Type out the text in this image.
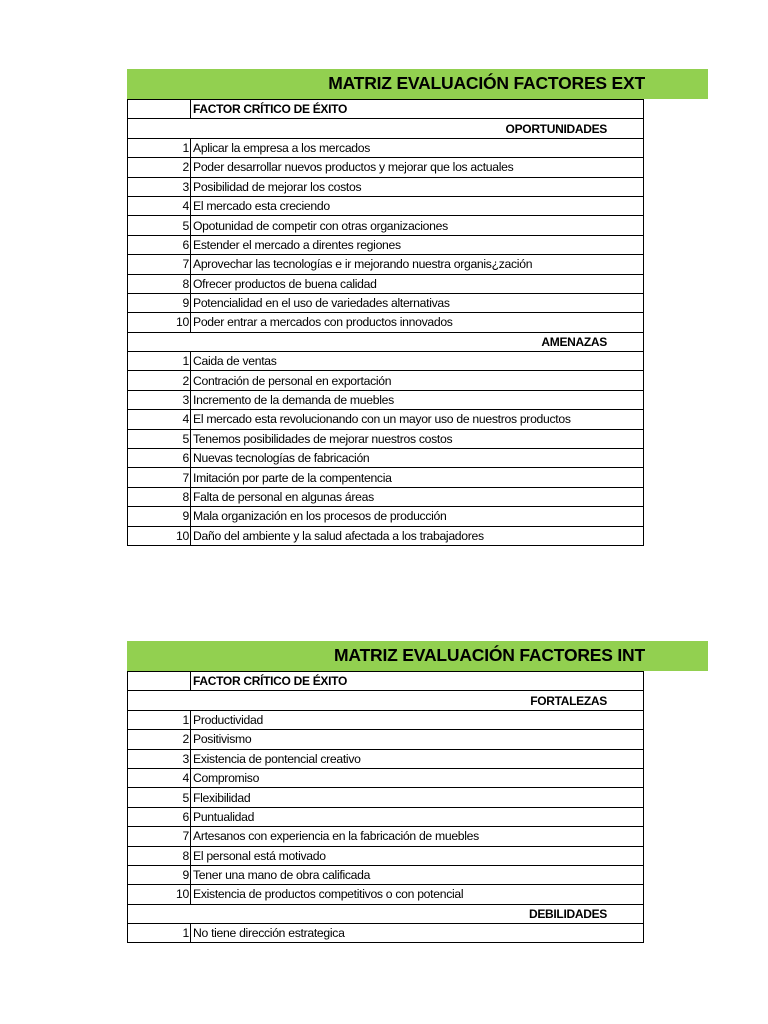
MATRIZ EVALUACIÓN FACTORES EXT
	FACTOR CRÍTICO DE ÉXITO
	OPORTUNIDADES
1	Aplicar la empresa a los mercados
2	Poder desarrollar nuevos productos y mejorar que los actuales
3	Posibilidad de mejorar los costos
4	El mercado esta creciendo
5	Opotunidad de competir con otras organizaciones
6	Estender el mercado a direntes regiones
7	Aprovechar las tecnologías e ir mejorando nuestra organis¿zación
8	Ofrecer productos de buena calidad
9	Potencialidad en el uso de variedades alternativas
10	Poder entrar a mercados con productos innovados
	AMENAZAS
1	Caida de ventas
2	Contración de personal en exportación
3	Incremento de la demanda de muebles
4	El mercado esta revolucionando con un mayor uso de nuestros productos
5	Tenemos posibilidades de mejorar nuestros costos
6	Nuevas tecnologías de fabricación
7	Imitación por parte de la compentencia
8	Falta de personal en algunas áreas
9	Mala organización en los procesos de producción
10	Daño del ambiente y la salud afectada a los trabajadores
MATRIZ EVALUACIÓN FACTORES INT
	FACTOR CRÍTICO DE ÉXITO
	FORTALEZAS
1	Productividad
2	Positivismo
3	Existencia de pontencial creativo
4	Compromiso
5	Flexibilidad
6	Puntualidad
7	Artesanos con experiencia en la fabricación de muebles
8	El personal está motivado
9	Tener una mano de obra calificada
10	Existencia de productos competitivos o con potencial
	DEBILIDADES
1	No tiene dirección estrategica
